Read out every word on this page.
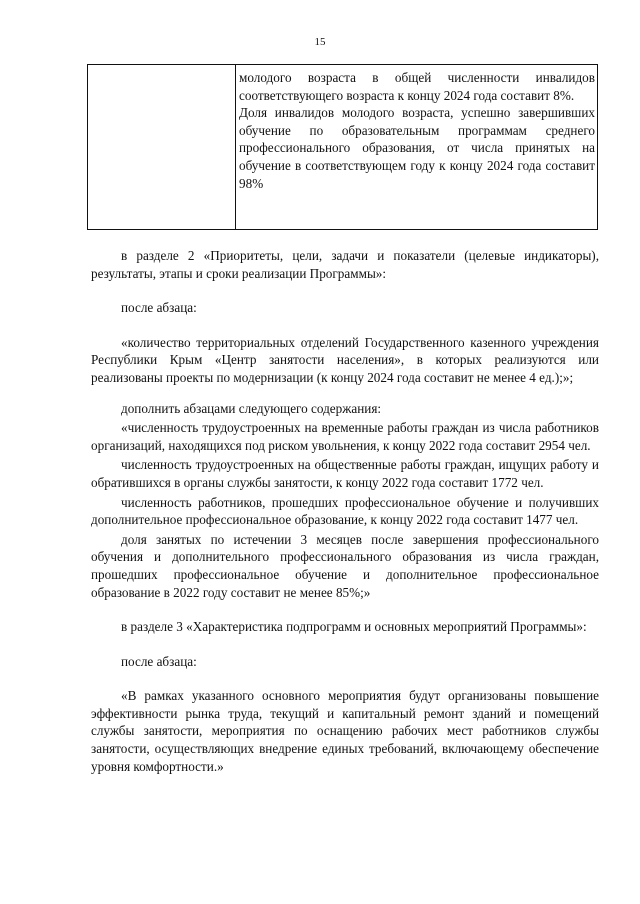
15

молодого возраста в общей численности инвалидов соответствующего возраста к концу 2024 года составит 8%.

Доля инвалидов молодого возраста, успешно завершивших обучение по образовательным программам среднего профессионального образования, от числа принятых на обучение в соответствующем году к концу 2024 года составит 98%

в разделе 2 «Приоритеты, цели, задачи и показатели (целевые индикаторы), результаты, этапы и сроки реализации Программы»:

после абзаца:

«количество территориальных отделений Государственного казенного учреждения Республики Крым «Центр занятости населения», в которых реализуются или реализованы проекты по модернизации (к концу 2024 года составит не менее 4 ед.);»;

дополнить абзацами следующего содержания:

«численность трудоустроенных на временные работы граждан из числа работников организаций, находящихся под риском увольнения, к концу 2022 года составит 2954 чел.

численность трудоустроенных на общественные работы граждан, ищущих работу и обратившихся в органы службы занятости, к концу 2022 года составит 1772 чел.

численность работников, прошедших профессиональное обучение и получивших дополнительное профессиональное образование, к концу 2022 года составит 1477 чел.

доля занятых по истечении 3 месяцев после завершения профессионального обучения и дополнительного профессионального образования из числа граждан, прошедших профессиональное обучение и дополнительное профессиональное образование в 2022 году составит не менее 85%;»

в разделе 3 «Характеристика подпрограмм и основных мероприятий Программы»:

после абзаца:

«В рамках указанного основного мероприятия будут организованы повышение эффективности рынка труда, текущий и капитальный ремонт зданий и помещений службы занятости, мероприятия по оснащению рабочих мест работников службы занятости, осуществляющих внедрение единых требований, включающему обеспечение уровня комфортности.»
